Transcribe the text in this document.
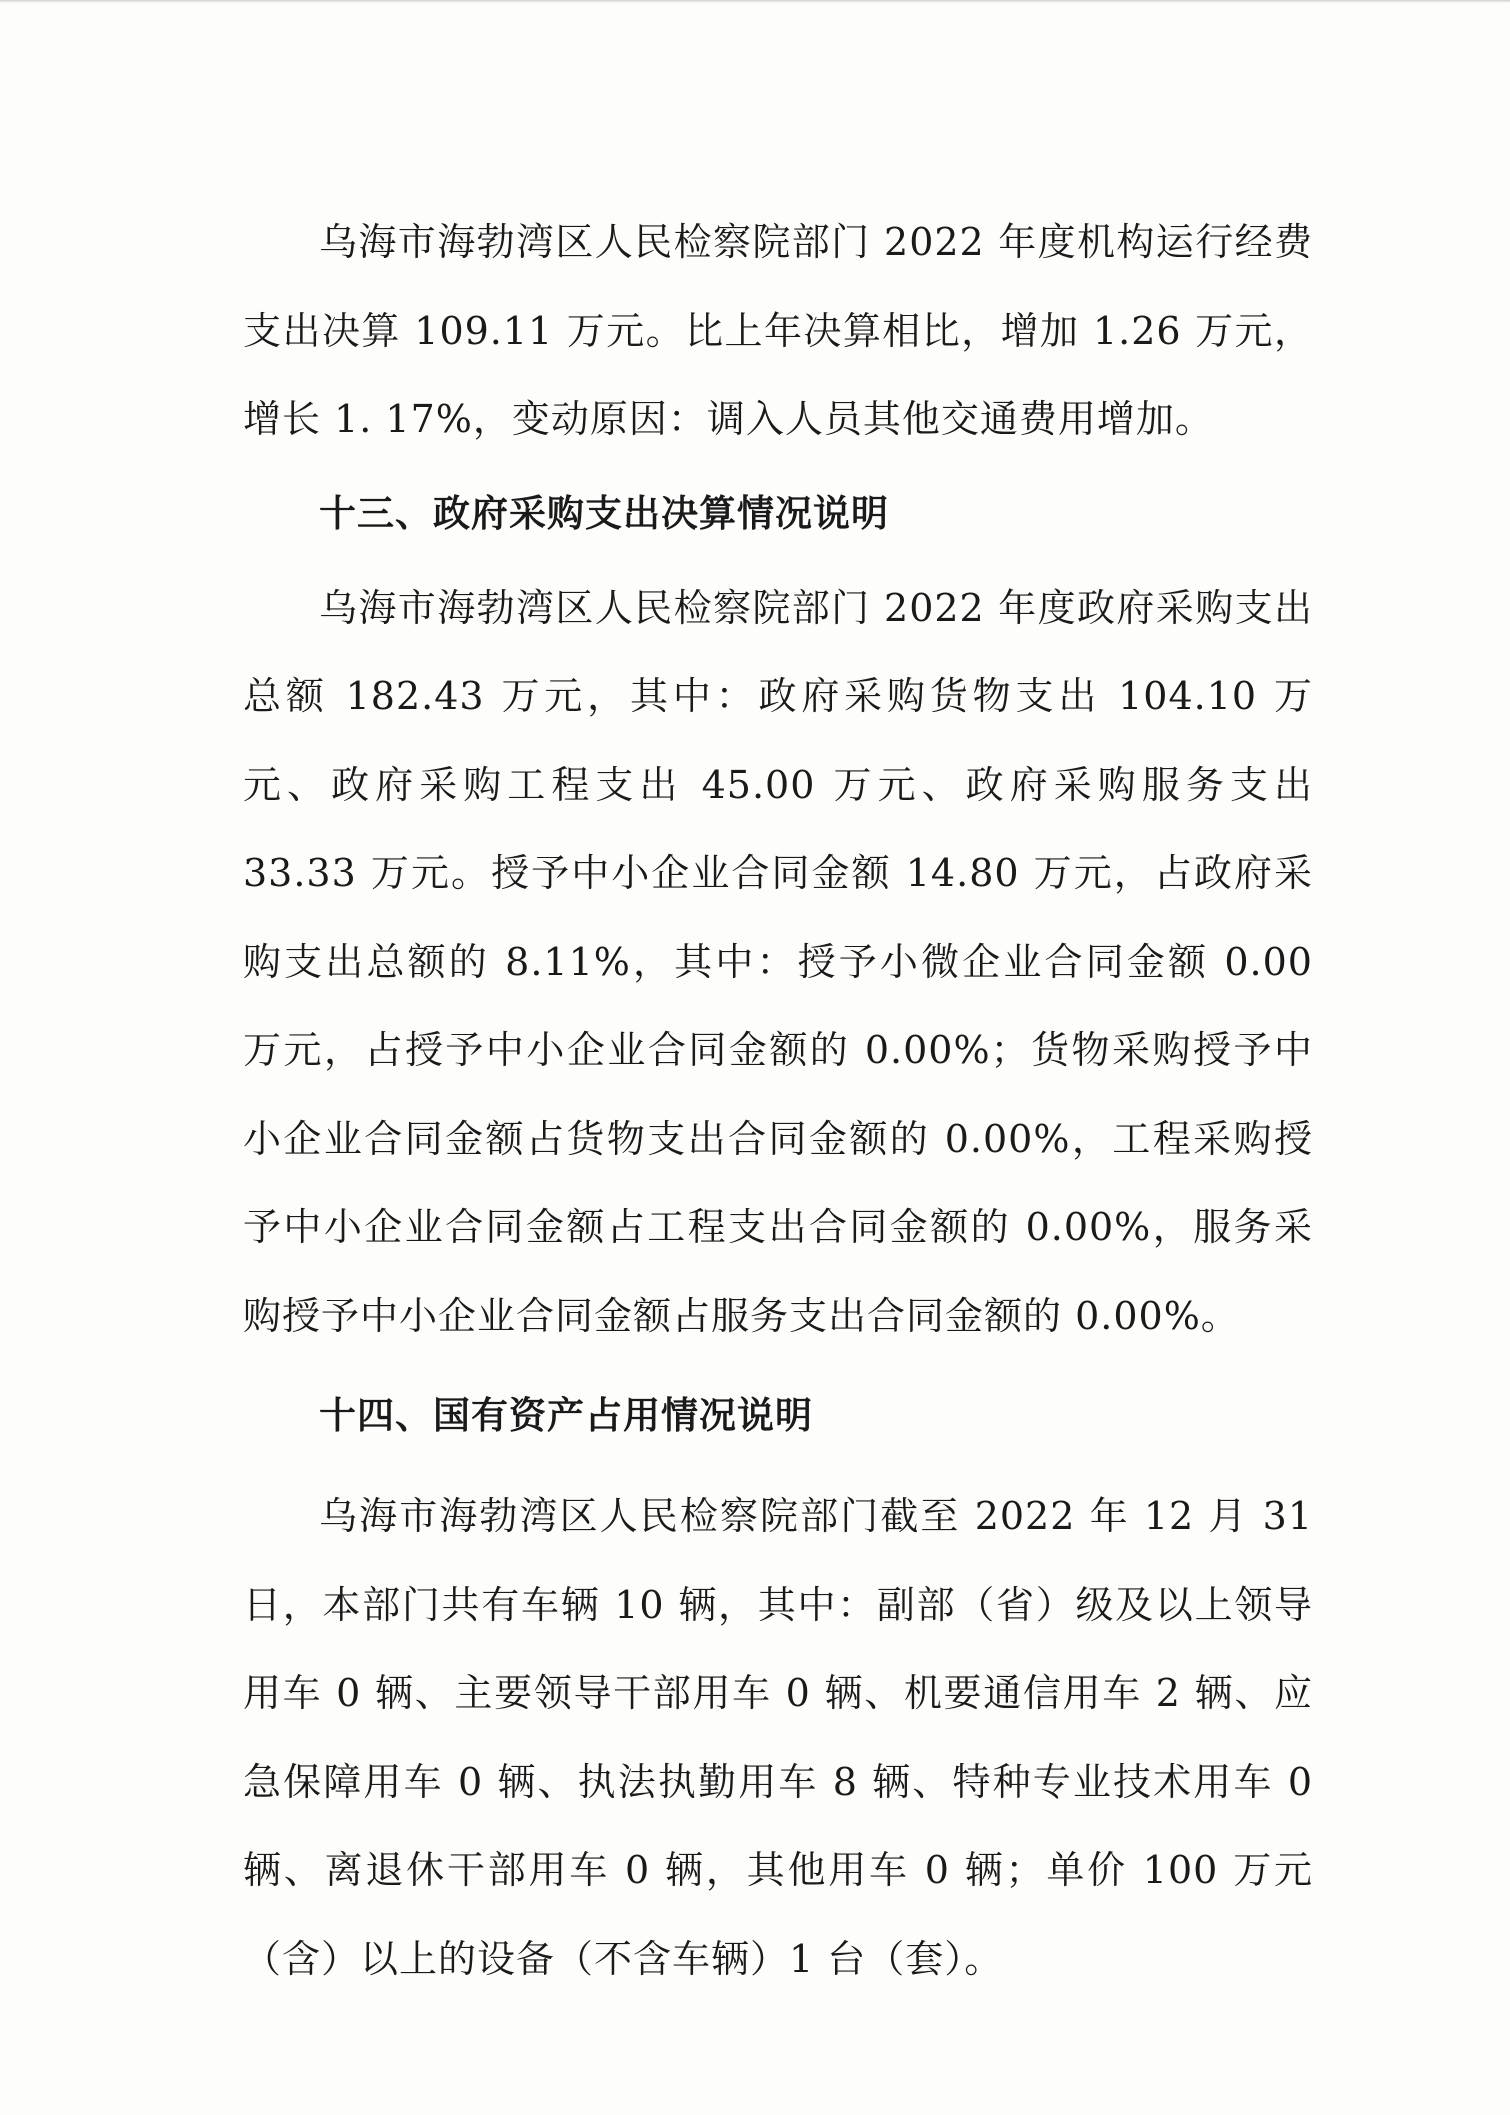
乌海市海勃湾区人民检察院部门 2022 年度机构运行经费支出决算 109.11 万元。比上年决算相比，增加 1.26 万元，增长 1. 17%，变动原因：调入人员其他交通费用增加。

十三、政府采购支出决算情况说明

乌海市海勃湾区人民检察院部门 2022 年度政府采购支出总额 182.43 万元，其中：政府采购货物支出 104.10 万元、政府采购工程支出 45.00 万元、政府采购服务支出 33.33 万元。授予中小企业合同金额 14.80 万元，占政府采购支出总额的 8.11%，其中：授予小微企业合同金额 0.00 万元，占授予中小企业合同金额的 0.00%；货物采购授予中小企业合同金额占货物支出合同金额的 0.00%，工程采购授予中小企业合同金额占工程支出合同金额的 0.00%，服务采购授予中小企业合同金额占服务支出合同金额的 0.00%。

十四、国有资产占用情况说明

乌海市海勃湾区人民检察院部门截至 2022 年 12 月 31 日，本部门共有车辆 10 辆，其中：副部（省）级及以上领导用车 0 辆、主要领导干部用车 0 辆、机要通信用车 2 辆、应急保障用车 0 辆、执法执勤用车 8 辆、特种专业技术用车 0 辆、离退休干部用车 0 辆，其他用车 0 辆；单价 100 万元（含）以上的设备（不含车辆）1 台（套）。
